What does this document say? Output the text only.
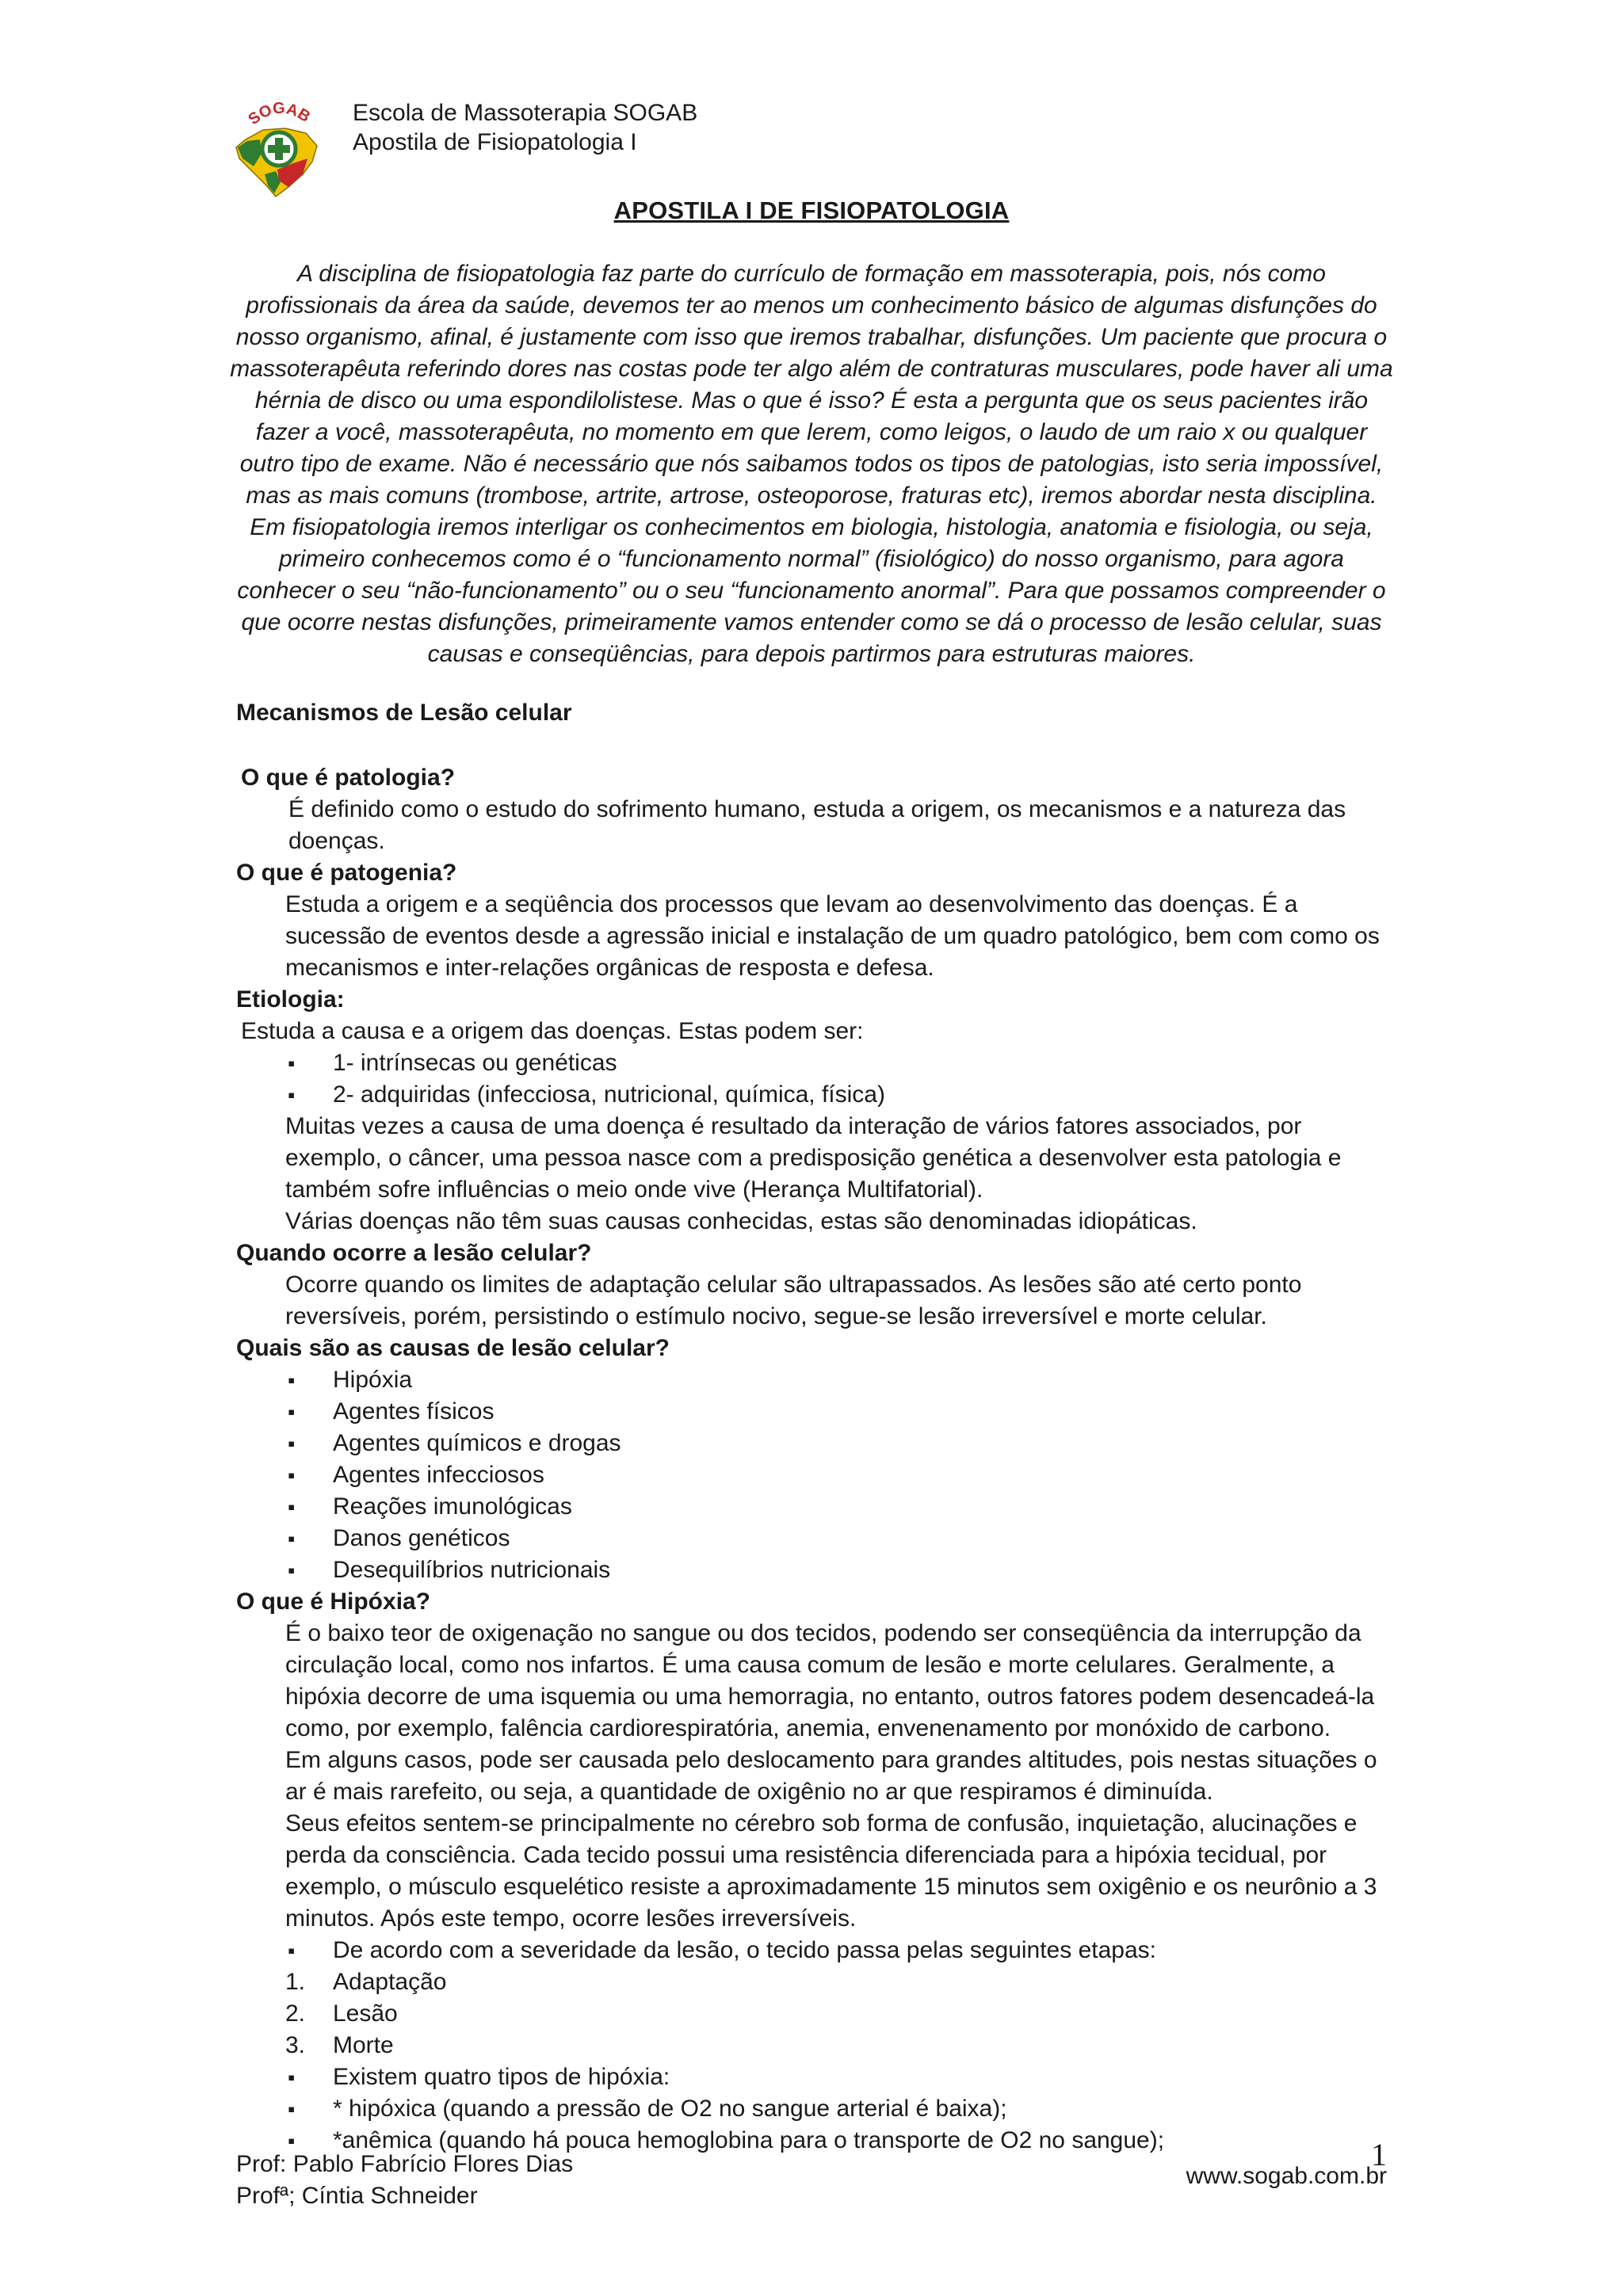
SOGAB Escola de Massoterapia SOGAB
Apostila de Fisiopatologia I
APOSTILA I DE FISIOPATOLOGIA

A disciplina de fisiopatologia faz parte do currículo de formação em massoterapia, pois, nós como profissionais da área da saúde, devemos ter ao menos um conhecimento básico de algumas disfunções do nosso organismo, afinal, é justamente com isso que iremos trabalhar, disfunções. Um paciente que procura o massoterapêuta referindo dores nas costas pode ter algo além de contraturas musculares, pode haver ali uma hérnia de disco ou uma espondilolistese. Mas o que é isso? É esta a pergunta que os seus pacientes irão fazer a você, massoterapêuta, no momento em que lerem, como leigos, o laudo de um raio x ou qualquer outro tipo de exame. Não é necessário que nós saibamos todos os tipos de patologias, isto seria impossível, mas as mais comuns (trombose, artrite, artrose, osteoporose, fraturas etc), iremos abordar nesta disciplina.

Em fisiopatologia iremos interligar os conhecimentos em biologia, histologia, anatomia e fisiologia, ou seja, primeiro conhecemos como é o “funcionamento normal” (fisiológico) do nosso organismo, para agora conhecer o seu “não-funcionamento” ou o seu “funcionamento anormal”. Para que possamos compreender o que ocorre nestas disfunções, primeiramente vamos entender como se dá o processo de lesão celular, suas causas e conseqüências, para depois partirmos para estruturas maiores.

Mecanismos de Lesão celular

O que é patologia?

É definido como o estudo do sofrimento humano, estuda a origem, os mecanismos e a natureza das doenças.

O que é patogenia?

Estuda a origem e a seqüência dos processos que levam ao desenvolvimento das doenças. É a sucessão de eventos desde a agressão inicial e instalação de um quadro patológico, bem com como os mecanismos e inter-relações orgânicas de resposta e defesa.

Etiologia:

Estuda a causa e a origem das doenças. Estas podem ser:

▪ 1- intrínsecas ou genéticas
▪ 2- adquiridas (infecciosa, nutricional, química, física)

Muitas vezes a causa de uma doença é resultado da interação de vários fatores associados, por exemplo, o câncer, uma pessoa nasce com a predisposição genética a desenvolver esta patologia e também sofre influências o meio onde vive (Herança Multifatorial).

Várias doenças não têm suas causas conhecidas, estas são denominadas idiopáticas.

Quando ocorre a lesão celular?

Ocorre quando os limites de adaptação celular são ultrapassados. As lesões são até certo ponto reversíveis, porém, persistindo o estímulo nocivo, segue-se lesão irreversível e morte celular.

Quais são as causas de lesão celular?

▪ Hipóxia
▪ Agentes físicos
▪ Agentes químicos e drogas
▪ Agentes infecciosos
▪ Reações imunológicas
▪ Danos genéticos
▪ Desequilíbrios nutricionais

O que é Hipóxia?

É o baixo teor de oxigenação no sangue ou dos tecidos, podendo ser conseqüência da interrupção da circulação local, como nos infartos. É uma causa comum de lesão e morte celulares. Geralmente, a hipóxia decorre de uma isquemia ou uma hemorragia, no entanto, outros fatores podem desencadeá-la como, por exemplo, falência cardiorespiratória, anemia, envenenamento por monóxido de carbono.

Em alguns casos, pode ser causada pelo deslocamento para grandes altitudes, pois nestas situações o ar é mais rarefeito, ou seja, a quantidade de oxigênio no ar que respiramos é diminuída.

Seus efeitos sentem-se principalmente no cérebro sob forma de confusão, inquietação, alucinações e perda da consciência. Cada tecido possui uma resistência diferenciada para a hipóxia tecidual, por exemplo, o músculo esquelético resiste a aproximadamente 15 minutos sem oxigênio e os neurônio a 3 minutos. Após este tempo, ocorre lesões irreversíveis.

▪ De acordo com a severidade da lesão, o tecido passa pelas seguintes etapas:
1. Adaptação
2. Lesão
3. Morte
▪ Existem quatro tipos de hipóxia:
▪ * hipóxica (quando a pressão de O2 no sangue arterial é baixa);
▪ *anêmica (quando há pouca hemoglobina para o transporte de O2 no sangue);
Prof: Pablo Fabrício Flores Dias
Profª; Cíntia Schneider
1
www.sogab.com.br
